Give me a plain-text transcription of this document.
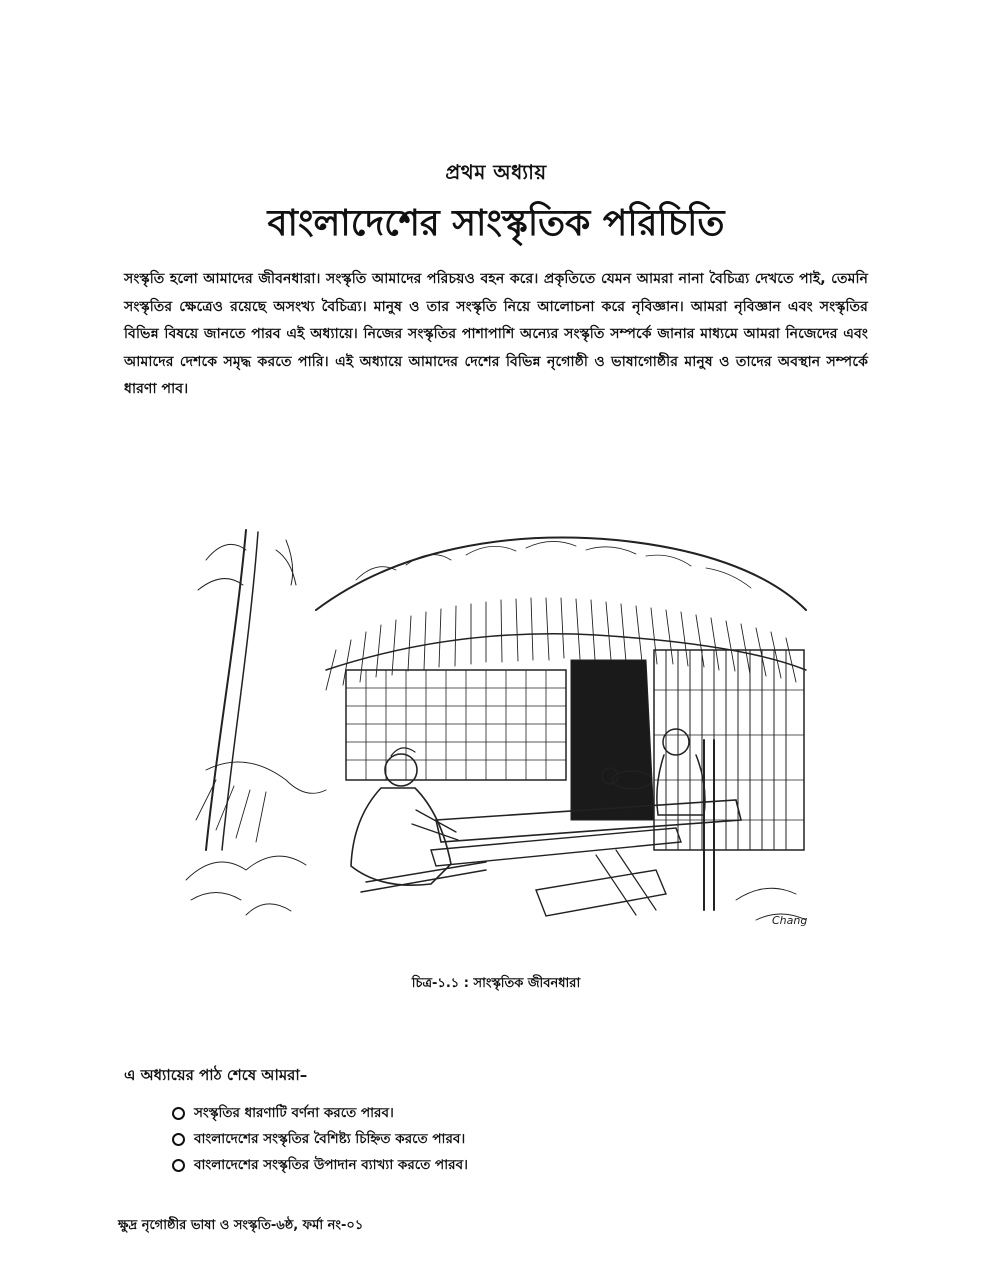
প্রথম অধ্যায়
বাংলাদেশের সাংস্কৃতিক পরিচিতি

সংস্কৃতি হলো আমাদের জীবনধারা। সংস্কৃতি আমাদের পরিচয়ও বহন করে। প্রকৃতিতে যেমন আমরা নানা বৈচিত্র্য দেখতে পাই, তেমনি সংস্কৃতির ক্ষেত্রেও রয়েছে অসংখ্য বৈচিত্র্য। মানুষ ও তার সংস্কৃতি নিয়ে আলোচনা করে নৃবিজ্ঞান। আমরা নৃবিজ্ঞান এবং সংস্কৃতির বিভিন্ন বিষয়ে জানতে পারব এই অধ্যায়ে। নিজের সংস্কৃতির পাশাপাশি অন্যের সংস্কৃতি সম্পর্কে জানার মাধ্যমে আমরা নিজেদের এবং আমাদের দেশকে সমৃদ্ধ করতে পারি। এই অধ্যায়ে আমাদের দেশের বিভিন্ন নৃগোষ্ঠী ও ভাষাগোষ্ঠীর মানুষ ও তাদের অবস্থান সম্পর্কে ধারণা পাব।

Chang
চিত্র-১.১ : সাংস্কৃতিক জীবনধারা
এ অধ্যায়ের পাঠ শেষে আমরা–
সংস্কৃতির ধারণাটি বর্ণনা করতে পারব।
বাংলাদেশের সংস্কৃতির বৈশিষ্ট্য চিহ্নিত করতে পারব।
বাংলাদেশের সংস্কৃতির উপাদান ব্যাখ্যা করতে পারব।
ক্ষুদ্র নৃগোষ্ঠীর ভাষা ও সংস্কৃতি-৬ষ্ঠ, ফর্মা নং-০১
